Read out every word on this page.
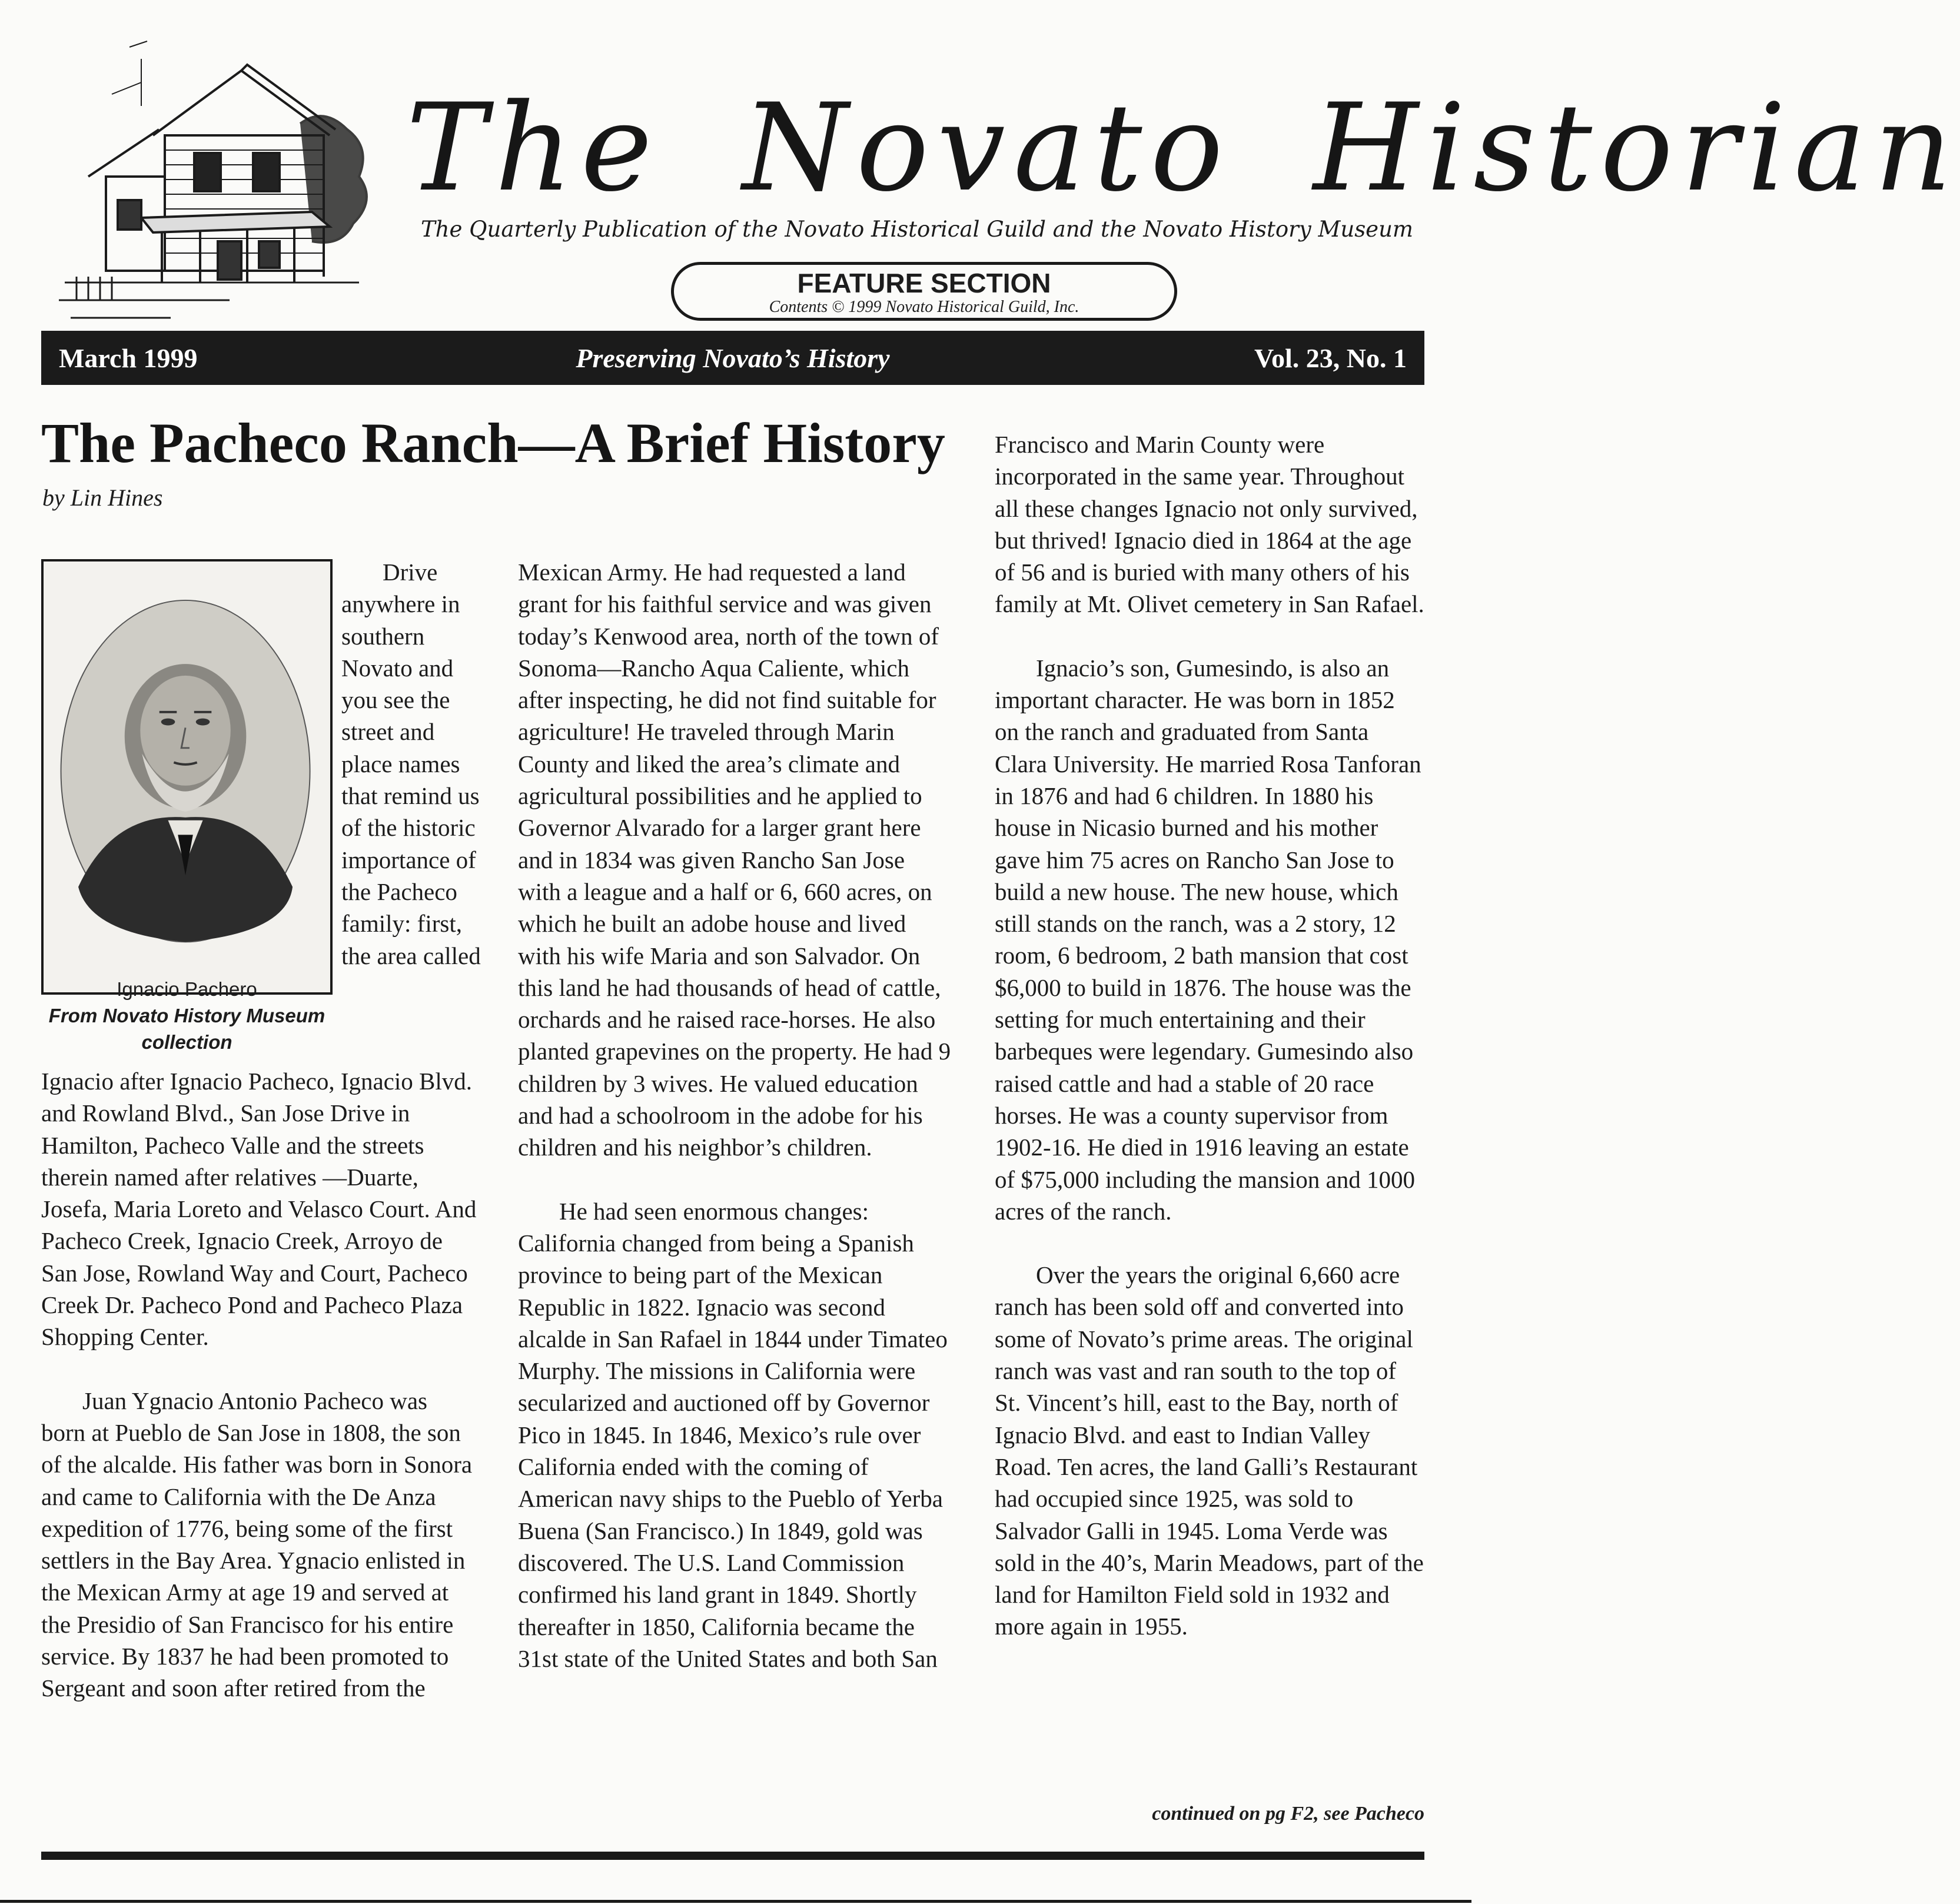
The Novato Historian
The Quarterly Publication of the Novato Historical Guild and the Novato History Museum
FEATURE SECTION
Contents © 1999 Novato Historical Guild, Inc.
March 1999	Preserving Novato’s History	Vol. 23, No. 1
The Pacheco Ranch—A Brief History
by Lin Hines
Ignacio Pachero
From Novato History Museum collection

Drive anywhere in southern Novato and you see the street and place names that remind us of the historic importance of the Pacheco family: first, the area called

Ignacio after Ignacio Pacheco, Ignacio Blvd. and Rowland Blvd., San Jose Drive in Hamilton, Pacheco Valle and the streets therein named after relatives —Duarte, Josefa, Maria Loreto and Velasco Court. And Pacheco Creek, Ignacio Creek, Arroyo de San Jose, Rowland Way and Court, Pacheco Creek Dr. Pacheco Pond and Pacheco Plaza Shopping Center.

Juan Ygnacio Antonio Pacheco was born at Pueblo de San Jose in 1808, the son of the alcalde. His father was born in Sonora and came to California with the De Anza expedition of 1776, being some of the first settlers in the Bay Area. Ygnacio enlisted in the Mexican Army at age 19 and served at the Presidio of San Francisco for his entire service. By 1837 he had been promoted to Sergeant and soon after retired from the

Mexican Army. He had requested a land grant for his faithful service and was given today’s Kenwood area, north of the town of Sonoma—Rancho Aqua Caliente, which after inspecting, he did not find suitable for agriculture! He traveled through Marin County and liked the area’s climate and agricultural possibilities and he applied to Governor Alvarado for a larger grant here and in 1834 was given Rancho San Jose with a league and a half or 6, 660 acres, on which he built an adobe house and lived with his wife Maria and son Salvador. On this land he had thousands of head of cattle, orchards and he raised race-horses. He also planted grapevines on the property. He had 9 children by 3 wives. He valued education and had a schoolroom in the adobe for his children and his neighbor’s children.

He had seen enormous changes: California changed from being a Spanish province to being part of the Mexican Republic in 1822. Ignacio was second alcalde in San Rafael in 1844 under Timateo Murphy. The missions in California were secularized and auctioned off by Governor Pico in 1845. In 1846, Mexico’s rule over California ended with the coming of American navy ships to the Pueblo of Yerba Buena (San Francisco.) In 1849, gold was discovered. The U.S. Land Commission confirmed his land grant in 1849. Shortly thereafter in 1850, California became the 31st state of the United States and both San

Francisco and Marin County were incorporated in the same year. Throughout all these changes Ignacio not only survived, but thrived! Ignacio died in 1864 at the age of 56 and is buried with many others of his family at Mt. Olivet cemetery in San Rafael.

Ignacio’s son, Gumesindo, is also an important character. He was born in 1852 on the ranch and graduated from Santa Clara University. He married Rosa Tanforan in 1876 and had 6 children. In 1880 his house in Nicasio burned and his mother gave him 75 acres on Rancho San Jose to build a new house. The new house, which still stands on the ranch, was a 2 story, 12 room, 6 bedroom, 2 bath mansion that cost $6,000 to build in 1876. The house was the setting for much entertaining and their barbeques were legendary. Gumesindo also raised cattle and had a stable of 20 race horses. He was a county supervisor from 1902-16. He died in 1916 leaving an estate of $75,000 including the mansion and 1000 acres of the ranch.

Over the years the original 6,660 acre ranch has been sold off and converted into some of Novato’s prime areas. The original ranch was vast and ran south to the top of St. Vincent’s hill, east to the Bay, north of Ignacio Blvd. and east to Indian Valley Road. Ten acres, the land Galli’s Restaurant had occupied since 1925, was sold to Salvador Galli in 1945. Loma Verde was sold in the 40’s, Marin Meadows, part of the land for Hamilton Field sold in 1932 and more again in 1955.

continued on pg F2, see Pacheco
